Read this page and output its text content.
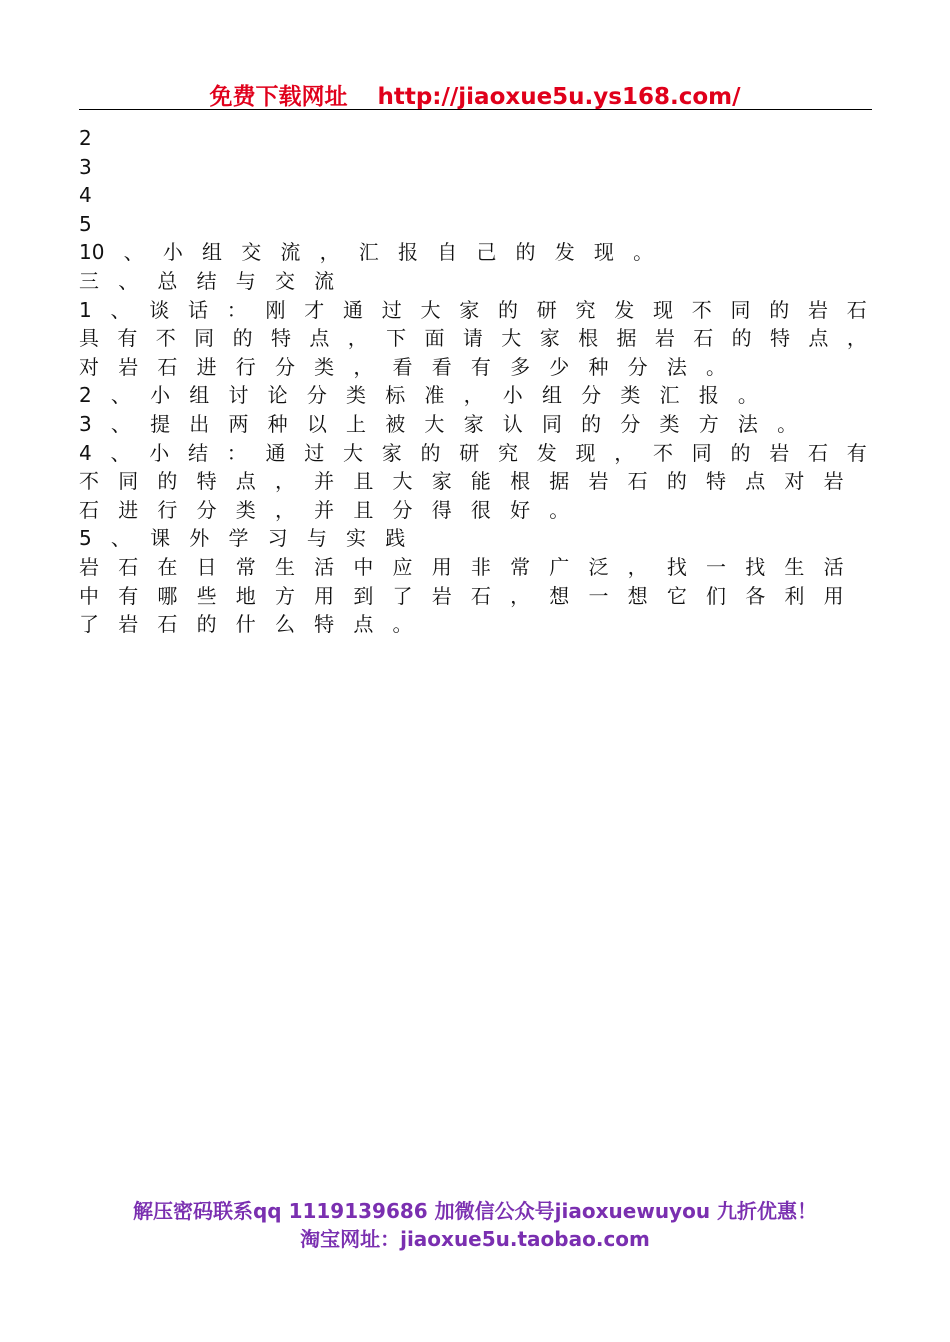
免费下载网址 http://jiaoxue5u.ys168.com/
2
3
4
5
10 、 小 组 交 流 ， 汇 报 自 己 的 发 现 。
三 、 总 结 与 交 流
1 、 谈 话 ： 刚 才 通 过 大 家 的 研 究 发 现 不 同 的 岩 石
具 有 不 同 的 特 点 ， 下 面 请 大 家 根 据 岩 石 的 特 点 ，
对 岩 石 进 行 分 类 ， 看 看 有 多 少 种 分 法 。
2 、 小 组 讨 论 分 类 标 准 ， 小 组 分 类 汇 报 。
3 、 提 出 两 种 以 上 被 大 家 认 同 的 分 类 方 法 。
4 、 小 结 ： 通 过 大 家 的 研 究 发 现 ， 不 同 的 岩 石 有
不 同 的 特 点 ， 并 且 大 家 能 根 据 岩 石 的 特 点 对 岩
石 进 行 分 类 ， 并 且 分 得 很 好 。
5 、 课 外 学 习 与 实 践
岩 石 在 日 常 生 活 中 应 用 非 常 广 泛 ， 找 一 找 生 活
中 有 哪 些 地 方 用 到 了 岩 石 ， 想 一 想 它 们 各 利 用
了 岩 石 的 什 么 特 点 。
解压密码联系qq 1119139686 加微信公众号jiaoxuewuyou 九折优惠！
淘宝网址：jiaoxue5u.taobao.com
